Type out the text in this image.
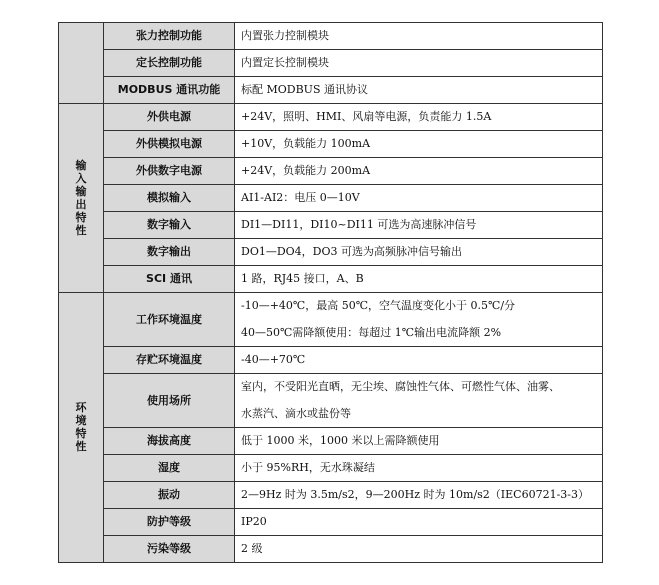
	张力控制功能	内置张力控制模块
	定长控制功能	内置定长控制模块
	MODBUS 通讯功能	标配 MODBUS 通讯协议
输入输出特性	外供电源	+24V，照明、HMI、风扇等电源，负责能力 1.5A
	外供模拟电源	+10V，负载能力 100mA
	外供数字电源	+24V，负载能力 200mA
	模拟输入	AI1-AI2：电压 0—10V
	数字输入	DI1—DI11，DI10~DI11 可选为高速脉冲信号
	数字输出	DO1—DO4，DO3 可选为高频脉冲信号输出
	SCI 通讯	1 路，RJ45 接口，A、B
环境特性	工作环境温度	-10—+40℃，最高 50℃，空气温度变化小于 0.5℃/分
40—50℃需降额使用：每超过 1℃输出电流降额 2%

	存贮环境温度	-40—+70℃
	使用场所	室内，不受阳光直晒，无尘埃、腐蚀性气体、可燃性气体、油雾、
水蒸汽、滴水或盐份等

	海拔高度	低于 1000 米，1000 米以上需降额使用
	湿度	小于 95%RH，无水珠凝结
	振动	2—9Hz 时为 3.5m/s2，9—200Hz 时为 10m/s2（IEC60721-3-3）
	防护等级	IP20
	污染等级	2 级
